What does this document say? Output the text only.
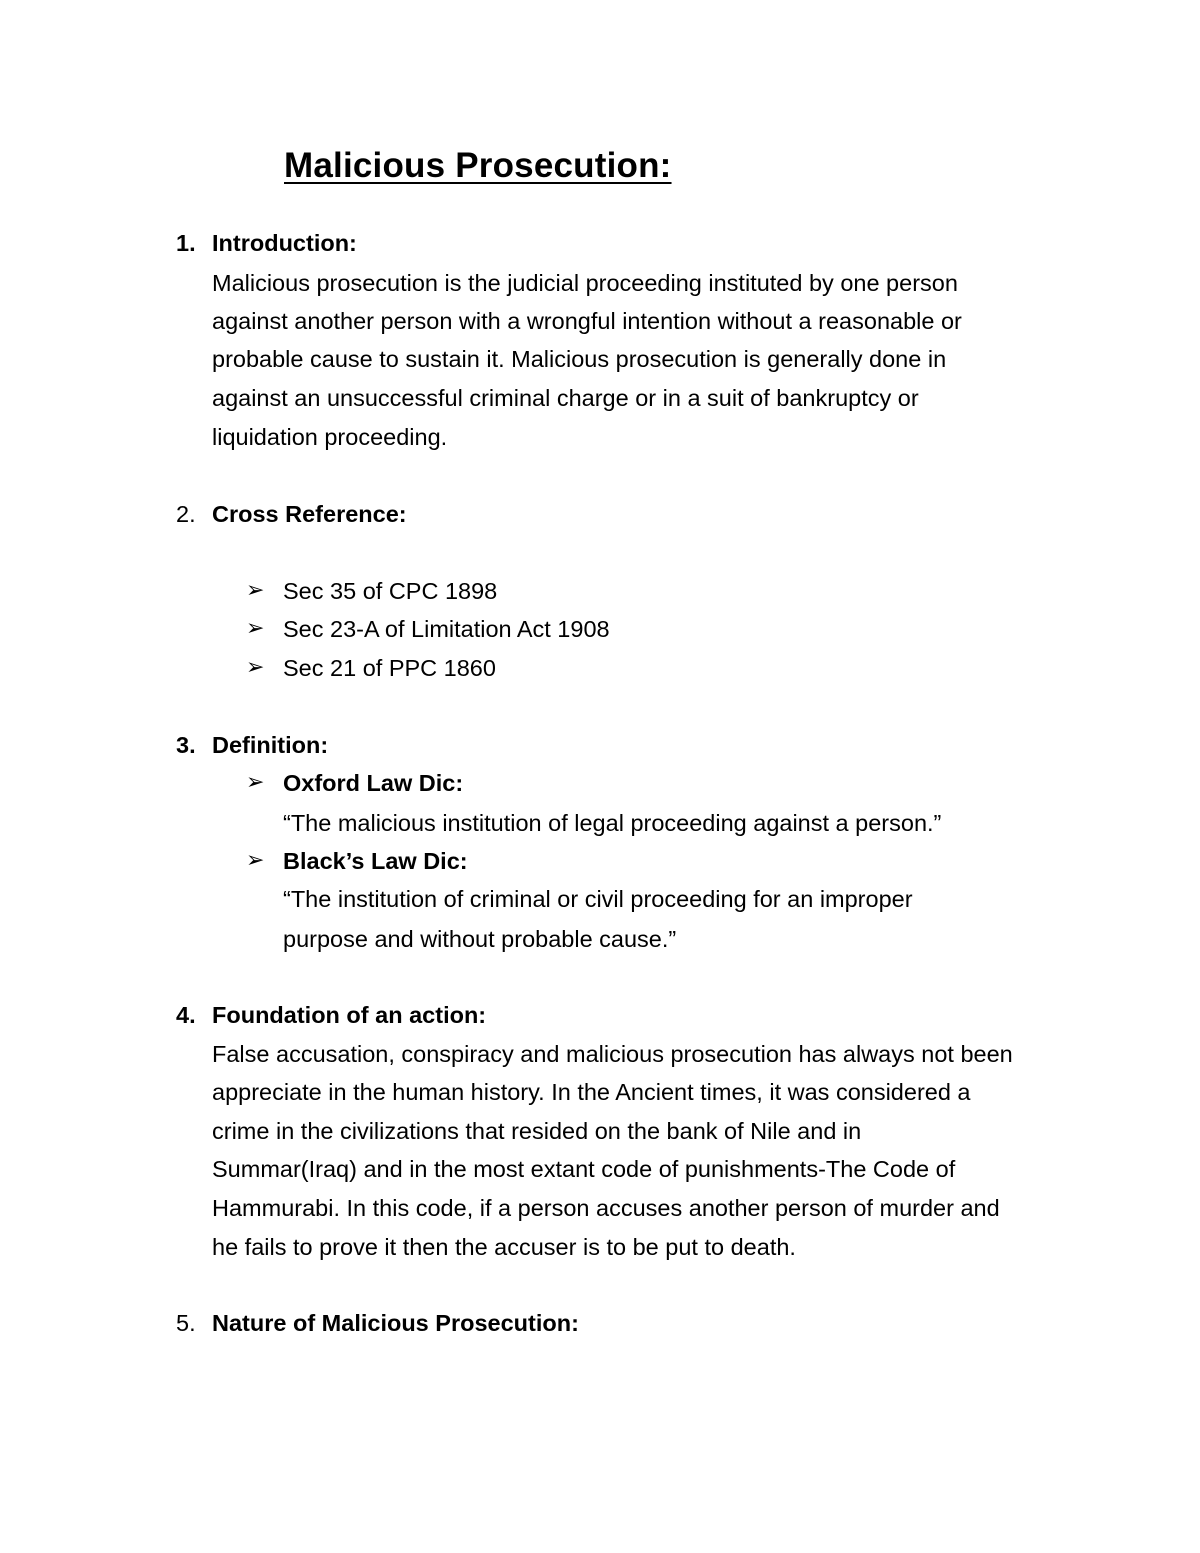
Malicious Prosecution:
1. Introduction:

Malicious prosecution is the judicial proceeding instituted by one person

against another person with a wrongful intention without a reasonable or

probable cause to sustain it. Malicious prosecution is generally done in

against an unsuccessful criminal charge or in a suit of bankruptcy or

liquidation proceeding.

2. Cross Reference:
➢ Sec 35 of CPC 1898

➢ Sec 23-A of Limitation Act 1908

➢ Sec 21 of PPC 1860

3. Definition:
➢ Oxford Law Dic:

“The malicious institution of legal proceeding against a person.”

➢ Black’s Law Dic:

“The institution of criminal or civil proceeding for an improper

purpose and without probable cause.”

4. Foundation of an action:

False accusation, conspiracy and malicious prosecution has always not been

appreciate in the human history. In the Ancient times, it was considered a

crime in the civilizations that resided on the bank of Nile and in

Summar(Iraq) and in the most extant code of punishments-The Code of

Hammurabi. In this code, if a person accuses another person of murder and

he fails to prove it then the accuser is to be put to death.

5. Nature of Malicious Prosecution:
